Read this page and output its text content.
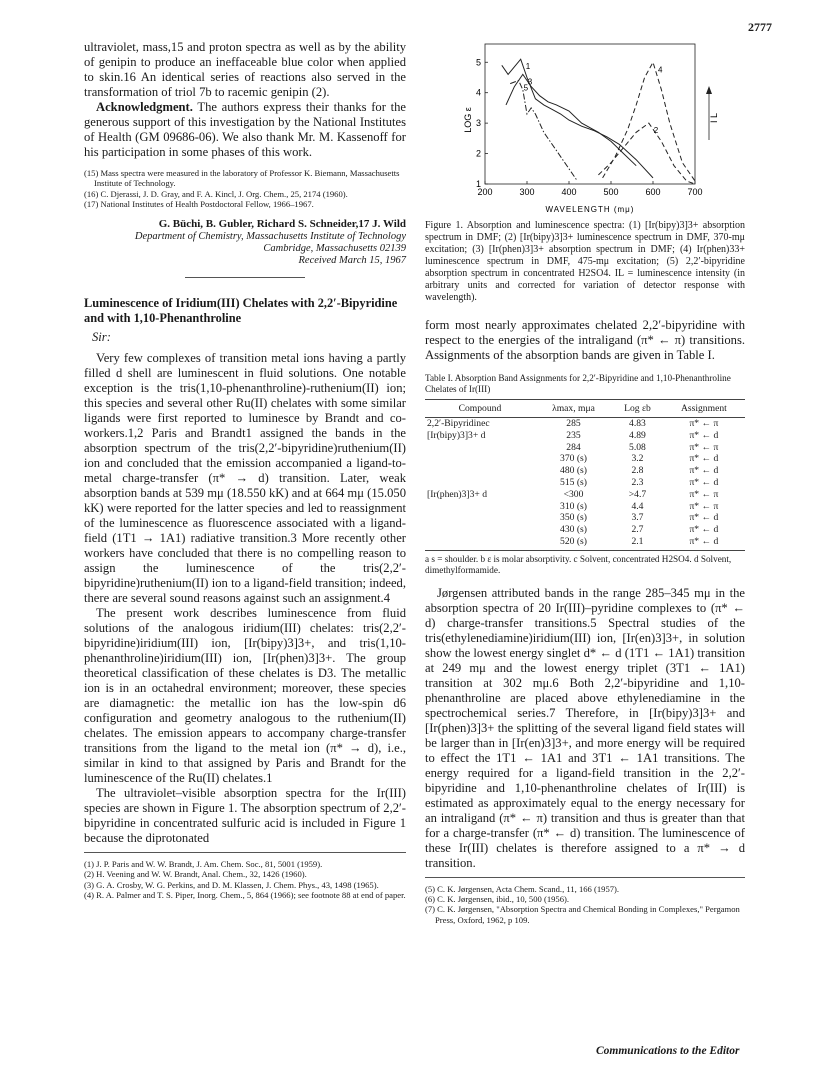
2777

ultraviolet, mass,15 and proton spectra as well as by the ability of genipin to produce an ineffaceable blue color when applied to skin.16 An identical series of reactions also served in the transformation of triol 7b to racemic genipin (2).

Acknowledgment. The authors express their thanks for the generous support of this investigation by the National Institutes of Health (GM 09686-06). We also thank Mr. M. Kassenoff for his participation in some phases of this work.

(15) Mass spectra were measured in the laboratory of Professor K. Biemann, Massachusetts Institute of Technology.

(16) C. Djerassi, J. D. Gray, and F. A. Kincl, J. Org. Chem., 25, 2174 (1960).

(17) National Institutes of Health Postdoctoral Fellow, 1966–1967.

G. Büchi, B. Gubler, Richard S. Schneider,17 J. Wild
Department of Chemistry, Massachusetts Institute of Technology
Cambridge, Massachusetts 02139
Received March 15, 1967
Luminescence of Iridium(III) Chelates with 2,2′-Bipyridine and with 1,10-Phenanthroline
Sir:

Very few complexes of transition metal ions having a partly filled d shell are luminescent in fluid solutions. One notable exception is the tris(1,10-phenanthroline)-ruthenium(II) ion; this species and several other Ru(II) chelates with some similar ligands were first reported to luminesce by Brandt and co-workers.1,2 Paris and Brandt1 assigned the bands in the absorption spectrum of the tris(2,2′-bipyridine)ruthenium(II) ion and concluded that the emission accompanied a ligand-to-metal charge-transfer (π* → d) transition. Later, weak absorption bands at 539 mμ (18.550 kK) and at 664 mμ (15.050 kK) were reported for the latter species and led to reassignment of the luminescence as fluorescence associated with a ligand-field (1T1 → 1A1) radiative transition.3 More recently other workers have concluded that there is no compelling reason to assign the luminescence of the tris(2,2′-bipyridine)ruthenium(II) ion to a ligand-field transition; indeed, there are several sound reasons against such an assignment.4

The present work describes luminescence from fluid solutions of the analogous iridium(III) chelates: tris(2,2′-bipyridine)iridium(III) ion, [Ir(bipy)3]3+, and tris(1,10-phenanthroline)iridium(III) ion, [Ir(phen)3]3+. The group theoretical classification of these chelates is D3. The metallic ion is in an octahedral environment; moreover, these species are diamagnetic: the metallic ion has the low-spin d6 configuration and geometry analogous to the ruthenium(II) chelates. The emission appears to accompany charge-transfer transitions from the ligand to the metal ion (π* → d), i.e., similar in kind to that assigned by Paris and Brandt for the luminescence of the Ru(II) chelates.1

The ultraviolet–visible absorption spectra for the Ir(III) species are shown in Figure 1. The absorption spectrum of 2,2′-bipyridine in concentrated sulfuric acid is included in Figure 1 because the diprotonated

(1) J. P. Paris and W. W. Brandt, J. Am. Chem. Soc., 81, 5001 (1959).

(2) H. Veening and W. W. Brandt, Anal. Chem., 32, 1426 (1960).

(3) G. A. Crosby, W. G. Perkins, and D. M. Klassen, J. Chem. Phys., 43, 1498 (1965).

(4) R. A. Palmer and T. S. Piper, Inorg. Chem., 5, 864 (1966); see footnote 88 at end of paper.

200	300	400	500	600	700
1
2
3
4
5	1
2
3
4
5
LOG ε
WAVELENGTH (mμ)
I L

Figure 1. Absorption and luminescence spectra: (1) [Ir(bipy)3]3+ absorption spectrum in DMF; (2) [Ir(bipy)3]3+ luminescence spectrum in DMF, 370-mμ excitation; (3) [Ir(phen)3]3+ absorption spectrum in DMF; (4) Ir(phen)33+ luminescence spectrum in DMF, 475-mμ excitation; (5) 2,2′-bipyridine absorption spectrum in concentrated H2SO4. IL = luminescence intensity (in arbitrary units and corrected for variation of detector response with wavelength).

form most nearly approximates chelated 2,2′-bipyridine with respect to the energies of the intraligand (π* ← π) transitions. Assignments of the absorption bands are given in Table I.

Table I. Absorption Band Assignments for 2,2′-Bipyridine and 1,10-Phenanthroline Chelates of Ir(III)

Compound	λmax, mμa	Log εb	Assignment
2,2′-Bipyridinec	285	4.83	π* ← π
[Ir(bipy)3]3+ d	235	4.89	π* ← d
	284	5.08	π* ← π
	370 (s)	3.2	π* ← d
	480 (s)	2.8	π* ← d
	515 (s)	2.3	π* ← d
[Ir(phen)3]3+ d	<300	>4.7	π* ← π
	310 (s)	4.4	π* ← π
	350 (s)	3.7	π* ← d
	430 (s)	2.7	π* ← d
	520 (s)	2.1	π* ← d

a s = shoulder. b ε is molar absorptivity. c Solvent, concentrated H2SO4. d Solvent, dimethylformamide.

Jørgensen attributed bands in the range 285–345 mμ in the absorption spectra of 20 Ir(III)–pyridine complexes to (π* ← d) charge-transfer transitions.5 Spectral studies of the tris(ethylenediamine)iridium(III) ion, [Ir(en)3]3+, in solution show the lowest energy singlet d* ← d (1T1 ← 1A1) transition at 249 mμ and the lowest energy triplet (3T1 ← 1A1) transition at 302 mμ.6 Both 2,2′-bipyridine and 1,10-phenanthroline are placed above ethylenediamine in the spectrochemical series.7 Therefore, in [Ir(bipy)3]3+ and [Ir(phen)3]3+ the splitting of the several ligand field states will be larger than in [Ir(en)3]3+, and more energy will be required to effect the 1T1 ← 1A1 and 3T1 ← 1A1 transitions. The energy required for a ligand-field transition in the 2,2′-bipyridine and 1,10-phenanthroline chelates of Ir(III) is estimated as approximately equal to the energy necessary for an intraligand (π* ← π) transition and thus is greater than that for a charge-transfer (π* ← d) transition. The luminescence of these Ir(III) chelates is therefore assigned to a π* → d transition.

(5) C. K. Jørgensen, Acta Chem. Scand., 11, 166 (1957).

(6) C. K. Jørgensen, ibid., 10, 500 (1956).

(7) C. K. Jørgensen, "Absorption Spectra and Chemical Bonding in Complexes," Pergamon Press, Oxford, 1962, p 109.

Communications to the Editor
